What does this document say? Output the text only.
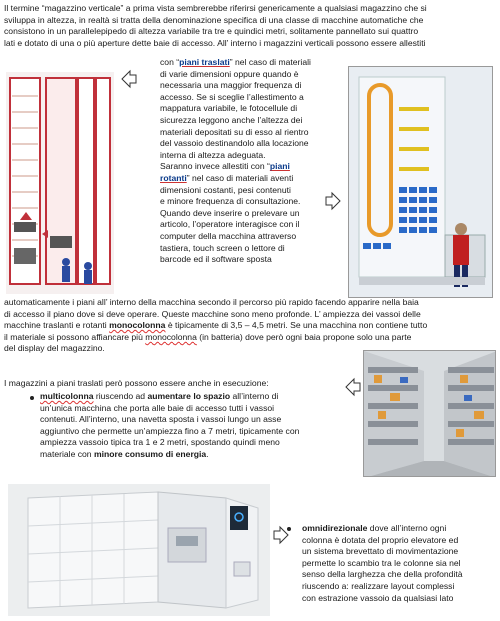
Il termine “magazzino verticale” a prima vista sembrerebbe riferirsi genericamente a qualsiasi magazzino che si
sviluppa in altezza, in realtà si tratta della denominazione specifica di una classe di macchine automatiche che
consistono in un parallelepipedo di altezza variabile tra tre e quindici metri, solitamente pannellato sui quattro
lati e dotato di una o più aperture dette baie di accesso. All’ interno i magazzini verticali possono essere allestiti
con “piani traslati” nel caso di materiali
di varie dimensioni oppure quando è
necessaria una maggior frequenza di
accesso. Se si sceglie l’allestimento a
mappatura variabile, le fotocellule di
sicurezza leggono anche l’altezza dei
materiali depositati su di esso al rientro
del vassoio destinandolo alla locazione
interna di altezza adeguata.
Saranno invece allestiti con “piani
rotanti” nel caso di materiali aventi
dimensioni costanti, pesi contenuti
e minore frequenza di consultazione.
Quando deve inserire o prelevare un
articolo, l’operatore interagisce con il
computer della macchina attraverso
tastiera, touch screen o lettore di
barcode ed il software sposta
automaticamente i piani all’ interno della macchina secondo il percorso più rapido facendo apparire nella baia
di accesso il piano dove si deve operare. Queste macchine sono meno profonde. L’ ampiezza dei vassoi delle
macchine traslanti e rotanti monocolonna è tipicamente di 3,5 – 4,5 metri. Se una macchina non contiene tutto
il materiale si possono affiancare più monocolonna (in batteria) dove però ogni baia propone solo una parte
del display del magazzino.
I magazzini a piani traslati però possono essere anche in esecuzione:
multicolonna riuscendo ad aumentare lo spazio all’interno di
un’unica macchina che porta alle baie di accesso tutti i vassoi
contenuti. All’interno, una navetta sposta i vassoi lungo un asse
aggiuntivo che permette un’ampiezza fino a 7 metri, tipicamente con
ampiezza vassoio tipica tra 1 e 2 metri, spostando quindi meno
materiale con minore consumo di energia.
omnidirezionale dove all’interno ogni
colonna è dotata del proprio elevatore ed
un sistema brevettato di movimentazione
permette lo scambio tra le colonne sia nel
senso della larghezza che della profondità
riuscendo a: realizzare layout complessi
con estrazione vassoio da qualsiasi lato
